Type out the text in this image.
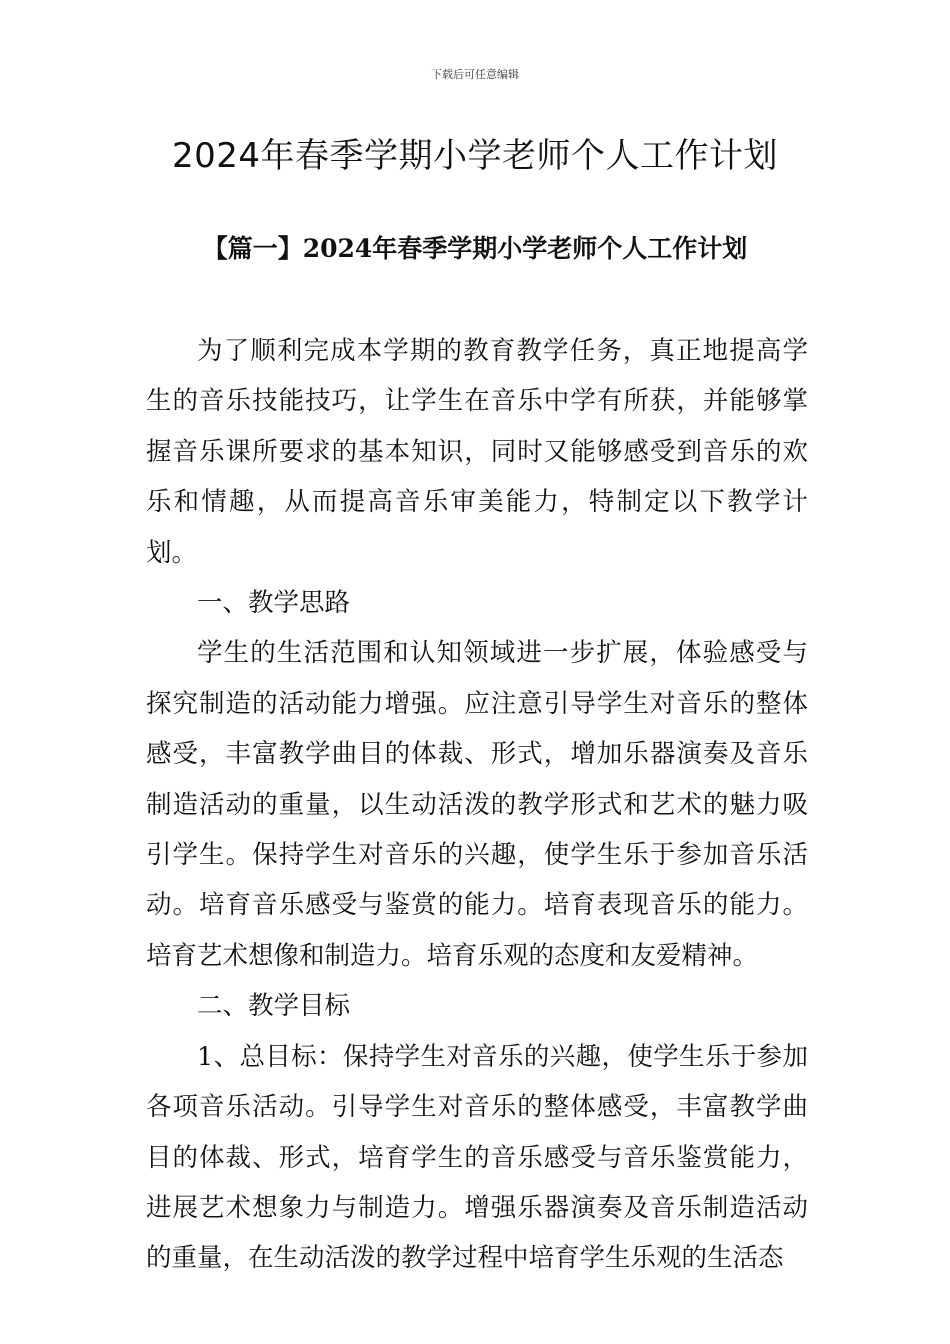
下载后可任意编辑
2024年春季学期小学老师个人工作计划
【篇一】2024年春季学期小学老师个人工作计划

为了顺利完成本学期的教育教学任务，真正地提高学生的音乐技能技巧，让学生在音乐中学有所获，并能够掌握音乐课所要求的基本知识，同时又能够感受到音乐的欢乐和情趣，从而提高音乐审美能力，特制定以下教学计划。

一、教学思路

学生的生活范围和认知领域进一步扩展，体验感受与探究制造的活动能力增强。应注意引导学生对音乐的整体感受，丰富教学曲目的体裁、形式，增加乐器演奏及音乐制造活动的重量，以生动活泼的教学形式和艺术的魅力吸引学生。保持学生对音乐的兴趣，使学生乐于参加音乐活动。培育音乐感受与鉴赏的能力。培育表现音乐的能力。培育艺术想像和制造力。培育乐观的态度和友爱精神。

二、教学目标

1、总目标：保持学生对音乐的兴趣，使学生乐于参加各项音乐活动。引导学生对音乐的整体感受，丰富教学曲目的体裁、形式，培育学生的音乐感受与音乐鉴赏能力，进展艺术想象力与制造力。增强乐器演奏及音乐制造活动的重量，在生动活泼的教学过程中培育学生乐观的生活态
